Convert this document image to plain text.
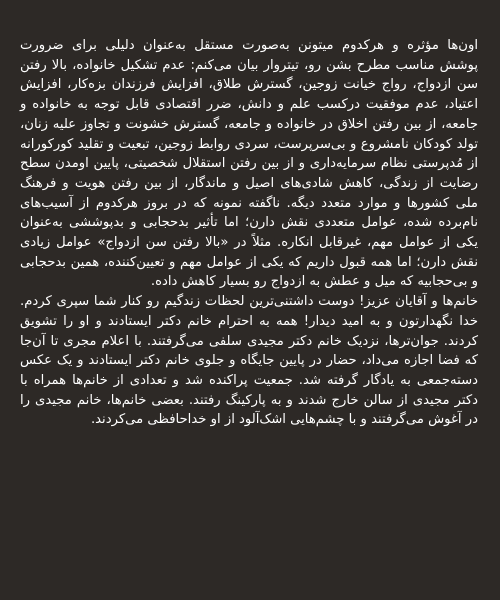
اون‌ها مؤثره و هرکدوم میتونن به‌صورت مستقل به‌عنوان دلیلی برای ضرورت پوشش مناسب مطرح بشن رو، تیتروار بیان می‌کنم: عدم تشکیل خانواده، بالا رفتن سن ازدواج، رواج خیانت زوجین، گسترش طلاق، افزایش فرزندان بزه‌کار، افزایش اعتیاد، عدم موفقیت درکسب علم و دانش، ضرر اقتصادی قابل توجه به خانواده و جامعه، از بین رفتن اخلاق در خانواده و جامعه، گسترش خشونت و تجاوز علیه زنان، تولد کودکان نامشروع و بی‌سرپرست، سردی روابط زوجین، تبعیت و تقلید کورکورانه از مُدپرستی نظام سرمایه‌داری و از بین رفتن استقلال شخصیتی، پایین اومدن سطح رضایت از زندگی، کاهش شادی‌های اصیل و ماندگار، از بین رفتن هویت و فرهنگ ملی کشورها و موارد متعدد دیگه. ناگفته نمونه که در بروز هرکدوم از آسیب‌های نام‌برده شده، عوامل متعددی نقش دارن؛ اما تأثیر بدحجابی و بدپوششی به‌عنوان یکی از عوامل مهم، غیرقابل انکاره. مثلاً در «بالا رفتن سن ازدواج» عوامل زیادی نقش دارن؛ اما همه قبول داریم که یکی از عوامل مهم و تعیین‌کننده، همین بدحجابی و بی‌حجابیه که میل و عطش به ازدواج رو بسیار کاهش داده.

خانم‌ها و آقایان عزیز! دوست داشتنی‌ترین لحظات زندگیم رو کنار شما سپری کردم. خدا نگهدارتون و به امید دیدار! همه به احترام خانم دکتر ایستادند و او را تشویق کردند. جوان‌ترها، نزدیک خانم دکتر مجیدی سلفی می‌گرفتند. با اعلام مجری تا آن‌جا که فضا اجازه می‌داد، حضار در پایین جایگاه و جلوی خانم دکتر ایستادند و یک عکس دسته‌جمعی به یادگار گرفته شد. جمعیت پراکنده شد و تعدادی از خانم‌ها همراه با دکتر مجیدی از سالن خارج شدند و به پارکینگ رفتند. بعضی خانم‌ها، خانم مجیدی را در آغوش می‌گرفتند و با چشم‌هایی اشک‌آلود از او خداحافظی می‌کردند.
